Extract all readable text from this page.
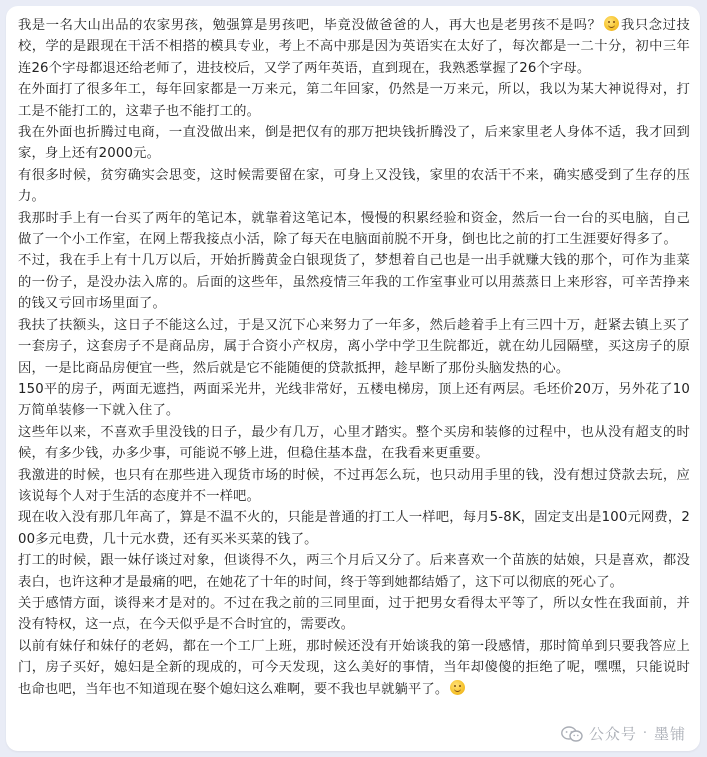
我是一名大山出品的农家男孩，勉强算是男孩吧，毕竟没做爸爸的人，再大也是老男孩不是吗？ 我只念过技校，学的是跟现在干活不相搭的模具专业，考上不高中那是因为英语实在太好了，每次都是一二十分，初中三年连26个字母都退还给老师了，进技校后，又学了两年英语，直到现在，我熟悉掌握了26个字母。

在外面打了很多年工，每年回家都是一万来元，第二年回家，仍然是一万来元，所以，我以为某大神说得对，打工是不能打工的，这辈子也不能打工的。

我在外面也折腾过电商，一直没做出来，倒是把仅有的那万把块钱折腾没了，后来家里老人身体不适，我才回到家，身上还有2000元。

有很多时候，贫穷确实会思变，这时候需要留在家，可身上又没钱，家里的农活干不来，确实感受到了生存的压力。

我那时手上有一台买了两年的笔记本，就靠着这笔记本，慢慢的积累经验和资金，然后一台一台的买电脑，自己做了一个小工作室，在网上帮我接点小活，除了每天在电脑面前脱不开身，倒也比之前的打工生涯要好得多了。

不过，我在手上有十几万以后，开始折腾黄金白银现货了，梦想着自己也是一出手就赚大钱的那个，可作为韭菜的一份子，是没办法入席的。后面的这些年，虽然疫情三年我的工作室事业可以用蒸蒸日上来形容，可辛苦挣来的钱又亏回市场里面了。

我扶了扶额头，这日子不能这么过，于是又沉下心来努力了一年多，然后趁着手上有三四十万，赶紧去镇上买了一套房子，这套房子不是商品房，属于合资小产权房，离小学中学卫生院都近，就在幼儿园隔壁，买这房子的原因，一是比商品房便宜一些，然后就是它不能随便的贷款抵押，趁早断了那份头脑发热的心。

150平的房子，两面无遮挡，两面采光井，光线非常好，五楼电梯房，顶上还有两层。毛坯价20万，另外花了10万简单装修一下就入住了。

这些年以来，不喜欢手里没钱的日子，最少有几万，心里才踏实。整个买房和装修的过程中，也从没有超支的时候，有多少钱，办多少事，可能说不够上进，但稳住基本盘，在我看来更重要。

我激进的时候，也只有在那些进入现货市场的时候，不过再怎么玩，也只动用手里的钱，没有想过贷款去玩，应该说每个人对于生活的态度并不一样吧。

现在收入没有那几年高了，算是不温不火的，只能是普通的打工人一样吧，每月5-8K，固定支出是100元网费，200多元电费，几十元水费，还有买米买菜的钱了。

打工的时候，跟一妹仔谈过对象，但谈得不久，两三个月后又分了。后来喜欢一个苗族的姑娘，只是喜欢，都没表白，也许这种才是最痛的吧，在她花了十年的时间，终于等到她都结婚了，这下可以彻底的死心了。

关于感情方面，谈得来才是对的。不过在我之前的三同里面，过于把男女看得太平等了，所以女性在我面前，并没有特权，这一点，在今天似乎是不合时宜的，需要改。

以前有妹仔和妹仔的老妈，都在一个工厂上班，那时候还没有开始谈我的第一段感情，那时简单到只要我答应上门，房子买好，媳妇是全新的现成的，可今天发现，这么美好的事情，当年却傻傻的拒绝了呢，嘿嘿，只能说时也命也吧，当年也不知道现在娶个媳妇这么难啊，要不我也早就躺平了。

公众号 · 墨铺
